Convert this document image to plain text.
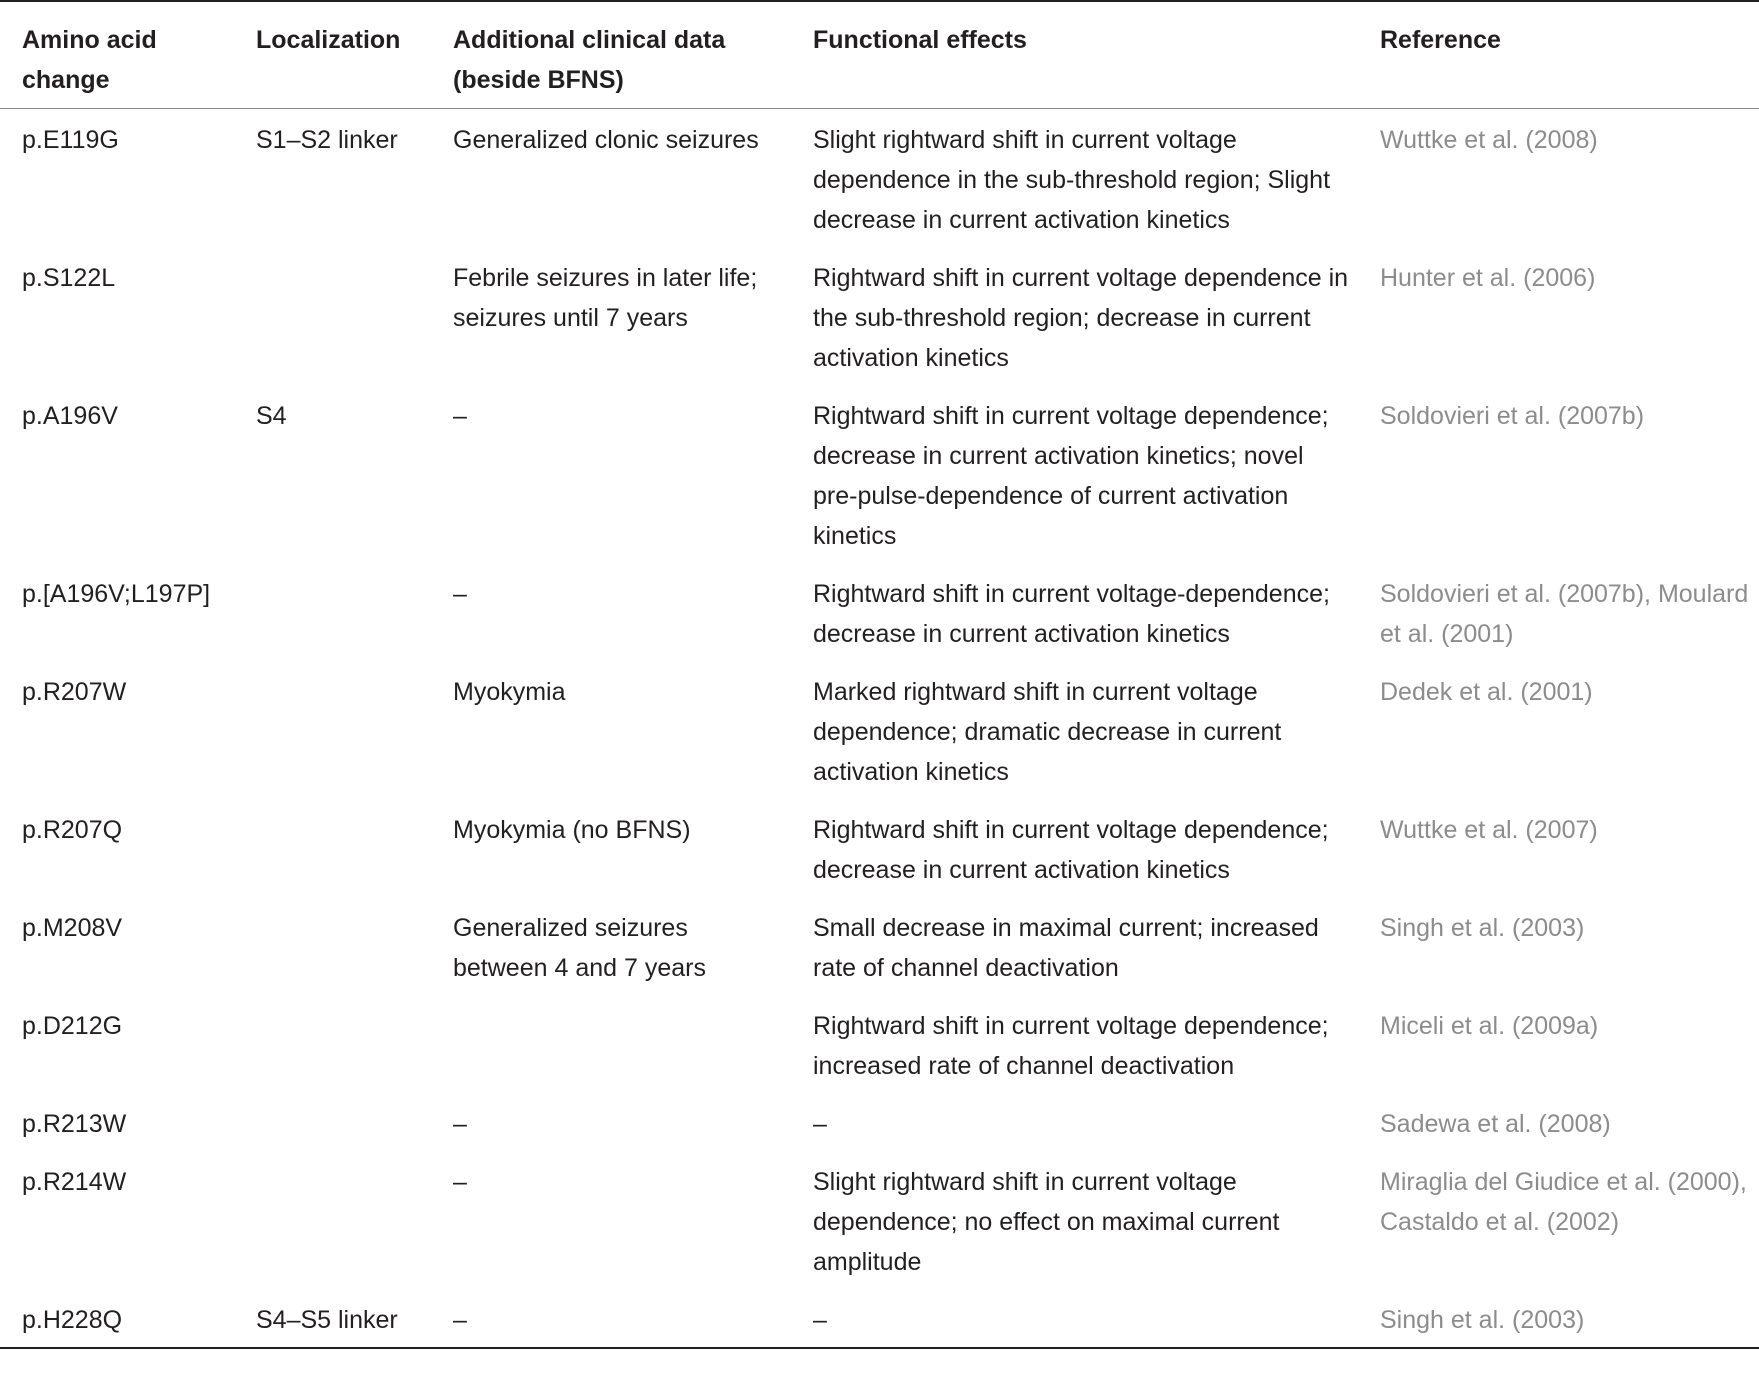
Amino acid change	Localization	Additional clinical data (beside BFNS)	Functional effects	Reference
p.E119G	S1–S2 linker	Generalized clonic seizures	Slight rightward shift in current voltage dependence in the sub-threshold region; Slight decrease in current activation kinetics	Wuttke et al. (2008)
p.S122L		Febrile seizures in later life; seizures until 7 years	Rightward shift in current voltage dependence in the sub-threshold region; decrease in current activation kinetics	Hunter et al. (2006)
p.A196V	S4	–	Rightward shift in current voltage dependence; decrease in current activation kinetics; novel pre-pulse-dependence of current activation kinetics	Soldovieri et al. (2007b)
p.[A196V;L197P]		–	Rightward shift in current voltage-dependence; decrease in current activation kinetics	Soldovieri et al. (2007b), Moulard et al. (2001)
p.R207W		Myokymia	Marked rightward shift in current voltage dependence; dramatic decrease in current activation kinetics	Dedek et al. (2001)
p.R207Q		Myokymia (no BFNS)	Rightward shift in current voltage dependence; decrease in current activation kinetics	Wuttke et al. (2007)
p.M208V		Generalized seizures between 4 and 7 years	Small decrease in maximal current; increased rate of channel deactivation	Singh et al. (2003)
p.D212G			Rightward shift in current voltage dependence; increased rate of channel deactivation	Miceli et al. (2009a)
p.R213W		–	–	Sadewa et al. (2008)
p.R214W		–	Slight rightward shift in current voltage dependence; no effect on maximal current amplitude	Miraglia del Giudice et al. (2000), Castaldo et al. (2002)
p.H228Q	S4–S5 linker	–	–	Singh et al. (2003)
